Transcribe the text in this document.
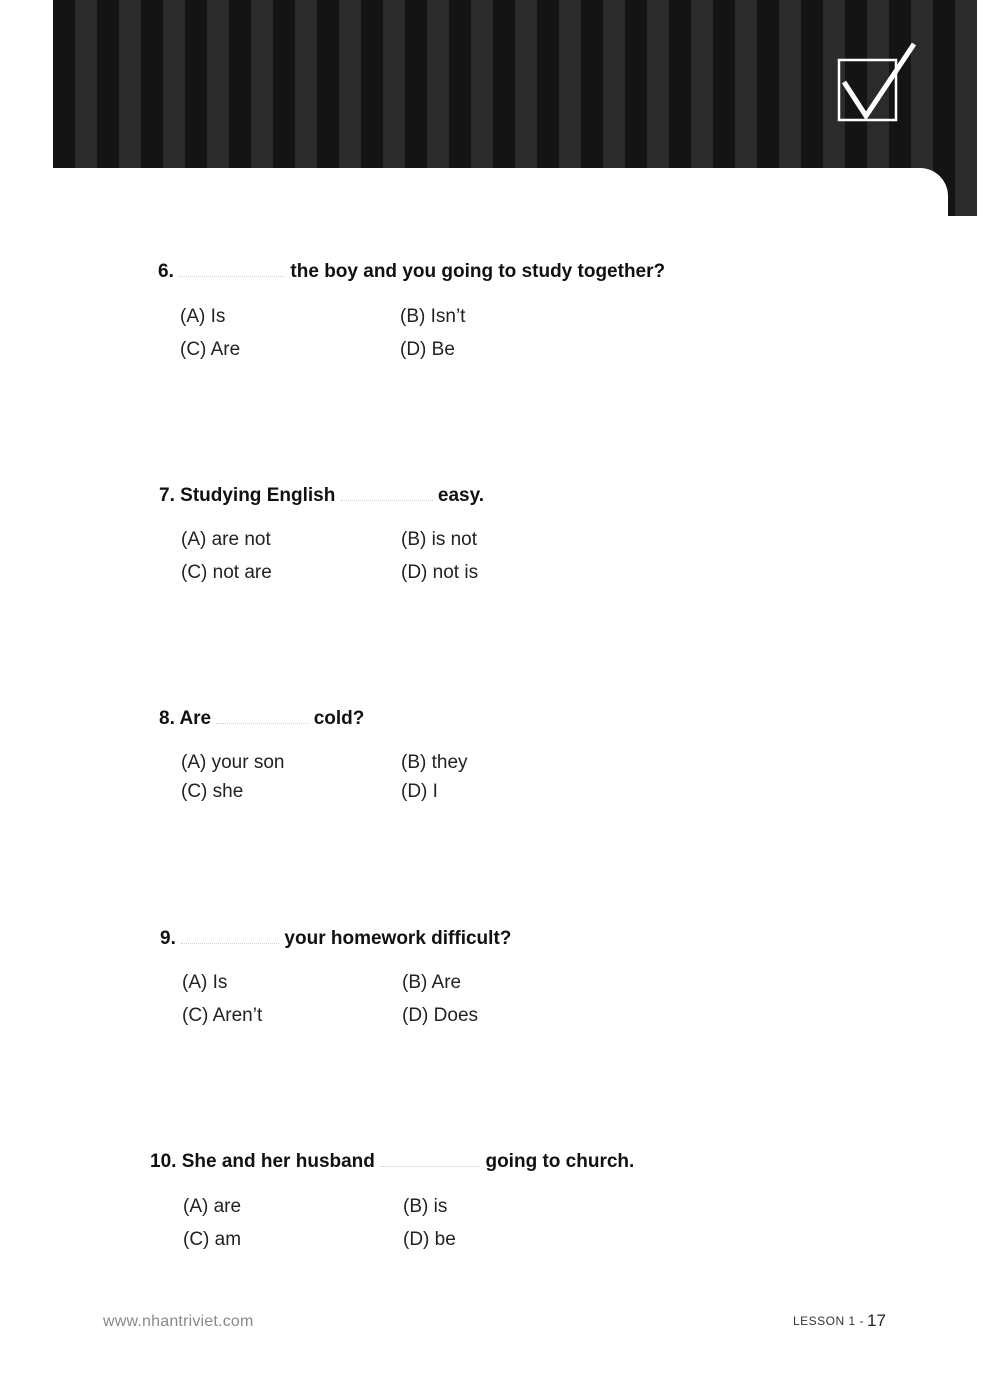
6.	the boy and you going to study together?
(A) Is	(B) Isn’t
(C) Are	(D) Be
7. Studying English	easy.
(A) are not	(B) is not
(C) not are	(D) not is
8. Are	cold?
(A) your son	(B) they
(C) she	(D) I
9.	your homework difficult?
(A) Is	(B) Are
(C) Aren’t	(D) Does
10. She and her husband	going to church.
(A) are	(B) is
(C) am	(D) be
www.nhantriviet.com	LESSON 1 - 17
